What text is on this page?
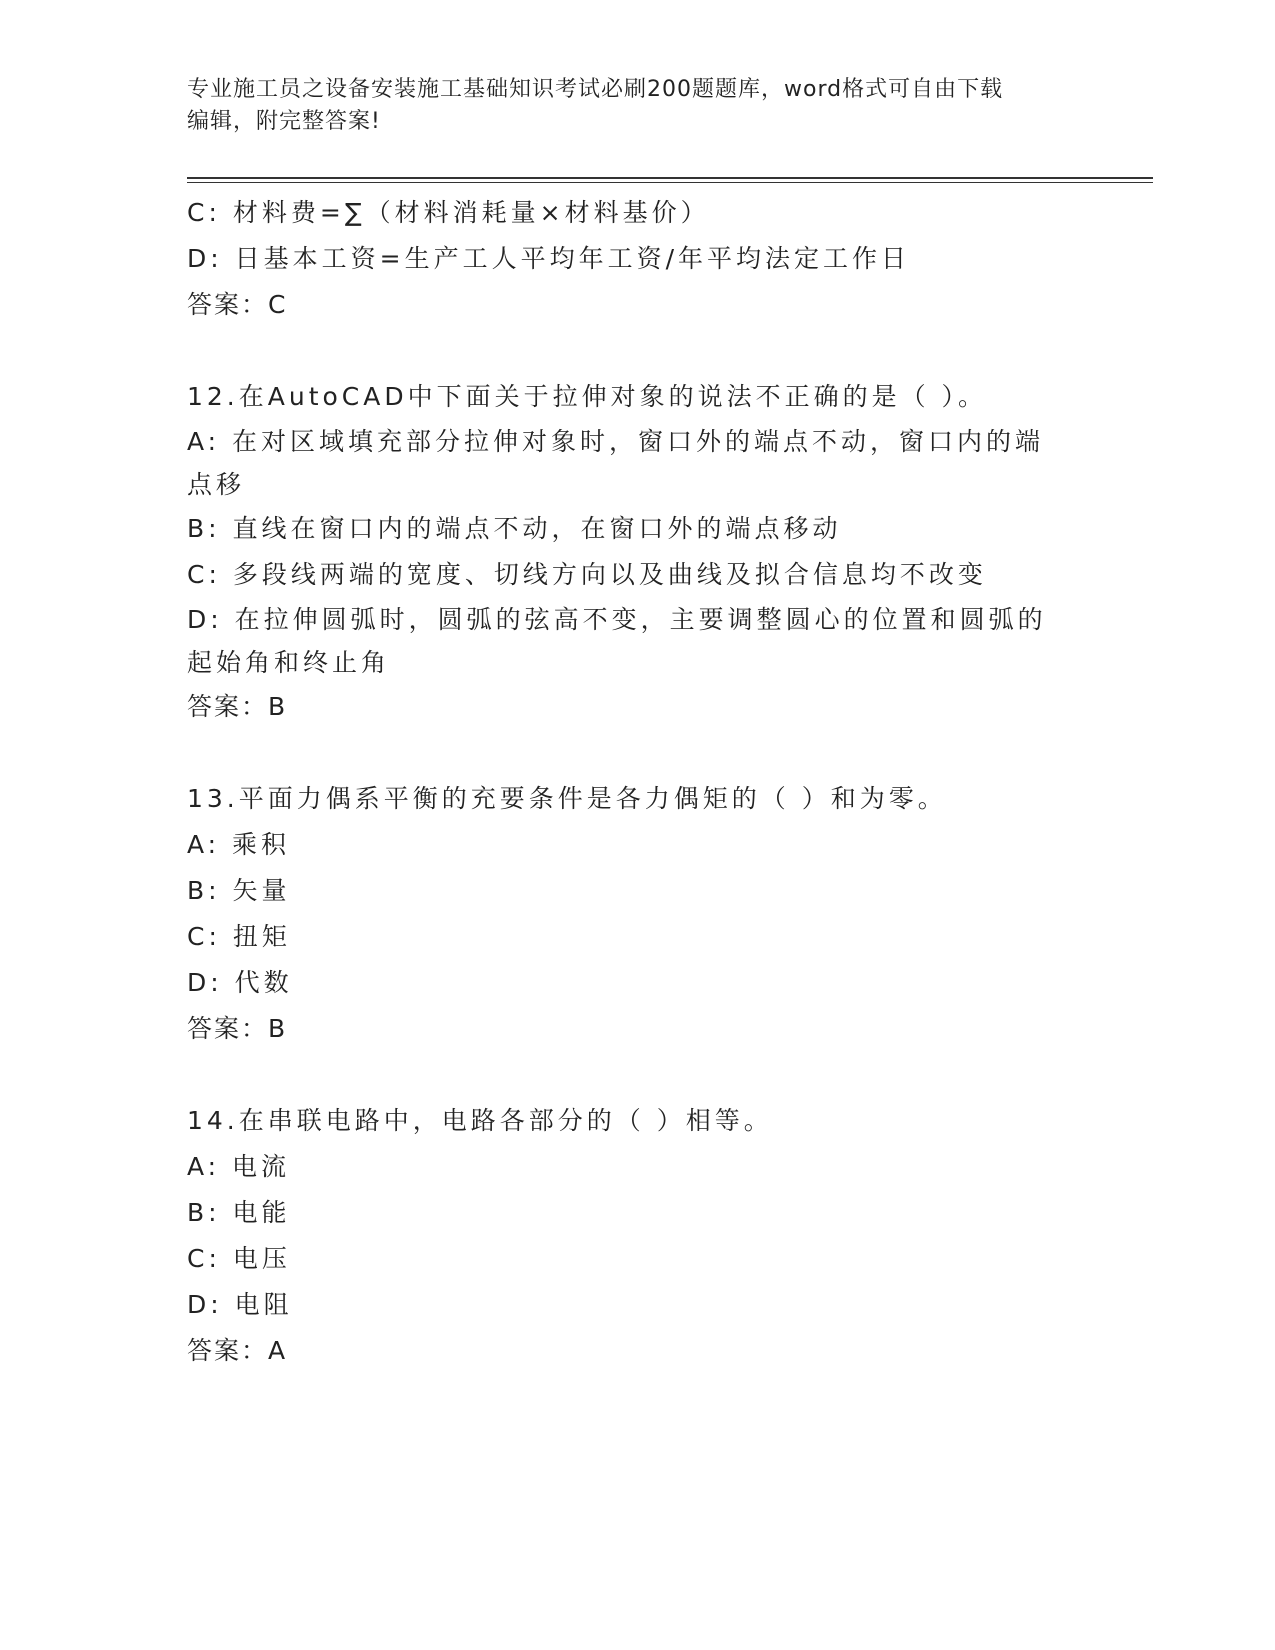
专业施工员之设备安装施工基础知识考试必刷200题题库，word格式可自由下载
编辑，附完整答案!

C: 材料费=∑（材料消耗量×材料基价）

D: 日基本工资=生产工人平均年工资/年平均法定工作日

答案：C

12.在AutoCAD中下面关于拉伸对象的说法不正确的是（ ）。

A: 在对区域填充部分拉伸对象时，窗口外的端点不动，窗口内的端点移

B: 直线在窗口内的端点不动，在窗口外的端点移动

C: 多段线两端的宽度、切线方向以及曲线及拟合信息均不改变

D: 在拉伸圆弧时，圆弧的弦高不变，主要调整圆心的位置和圆弧的起始角和终止角

答案：B

13.平面力偶系平衡的充要条件是各力偶矩的（ ）和为零。

A: 乘积

B: 矢量

C: 扭矩

D: 代数

答案：B

14.在串联电路中，电路各部分的（ ）相等。

A: 电流

B: 电能

C: 电压

D: 电阻

答案：A
